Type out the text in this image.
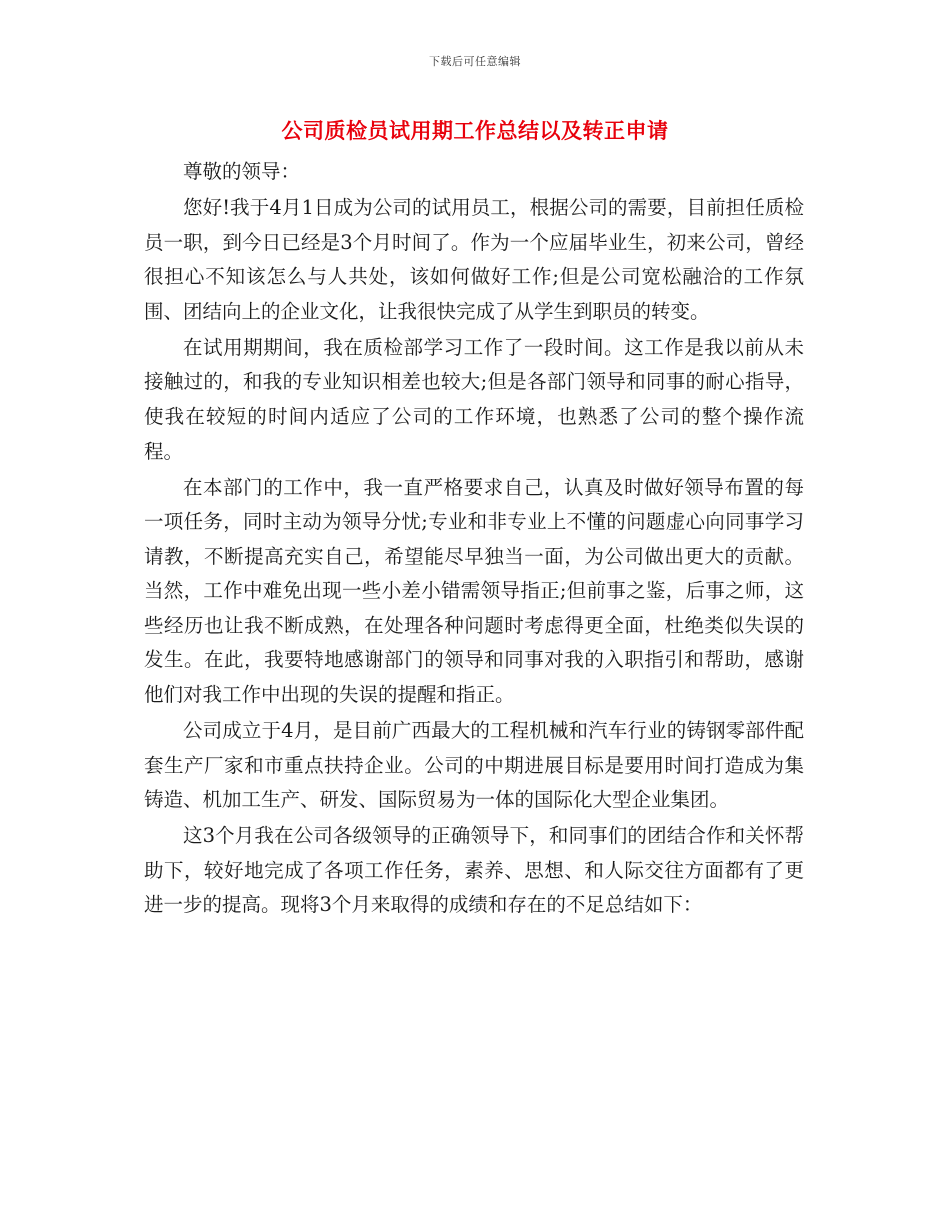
下载后可任意编辑
公司质检员试用期工作总结以及转正申请

尊敬的领导：

您好!我于4月1日成为公司的试用员工，根据公司的需要，目前担任质检员一职，到今日已经是3个月时间了。作为一个应届毕业生，初来公司，曾经很担心不知该怎么与人共处，该如何做好工作;但是公司宽松融洽的工作氛围、团结向上的企业文化，让我很快完成了从学生到职员的转变。

在试用期期间，我在质检部学习工作了一段时间。这工作是我以前从未接触过的，和我的专业知识相差也较大;但是各部门领导和同事的耐心指导，使我在较短的时间内适应了公司的工作环境，也熟悉了公司的整个操作流程。

在本部门的工作中，我一直严格要求自己，认真及时做好领导布置的每一项任务，同时主动为领导分忧;专业和非专业上不懂的问题虚心向同事学习请教，不断提高充实自己，希望能尽早独当一面，为公司做出更大的贡献。当然，工作中难免出现一些小差小错需领导指正;但前事之鉴，后事之师，这些经历也让我不断成熟，在处理各种问题时考虑得更全面，杜绝类似失误的发生。在此，我要特地感谢部门的领导和同事对我的入职指引和帮助，感谢他们对我工作中出现的失误的提醒和指正。

公司成立于4月，是目前广西最大的工程机械和汽车行业的铸钢零部件配套生产厂家和市重点扶持企业。公司的中期进展目标是要用时间打造成为集铸造、机加工生产、研发、国际贸易为一体的国际化大型企业集团。

这3个月我在公司各级领导的正确领导下，和同事们的团结合作和关怀帮助下，较好地完成了各项工作任务，素养、思想、和人际交往方面都有了更进一步的提高。现将3个月来取得的成绩和存在的不足总结如下：
